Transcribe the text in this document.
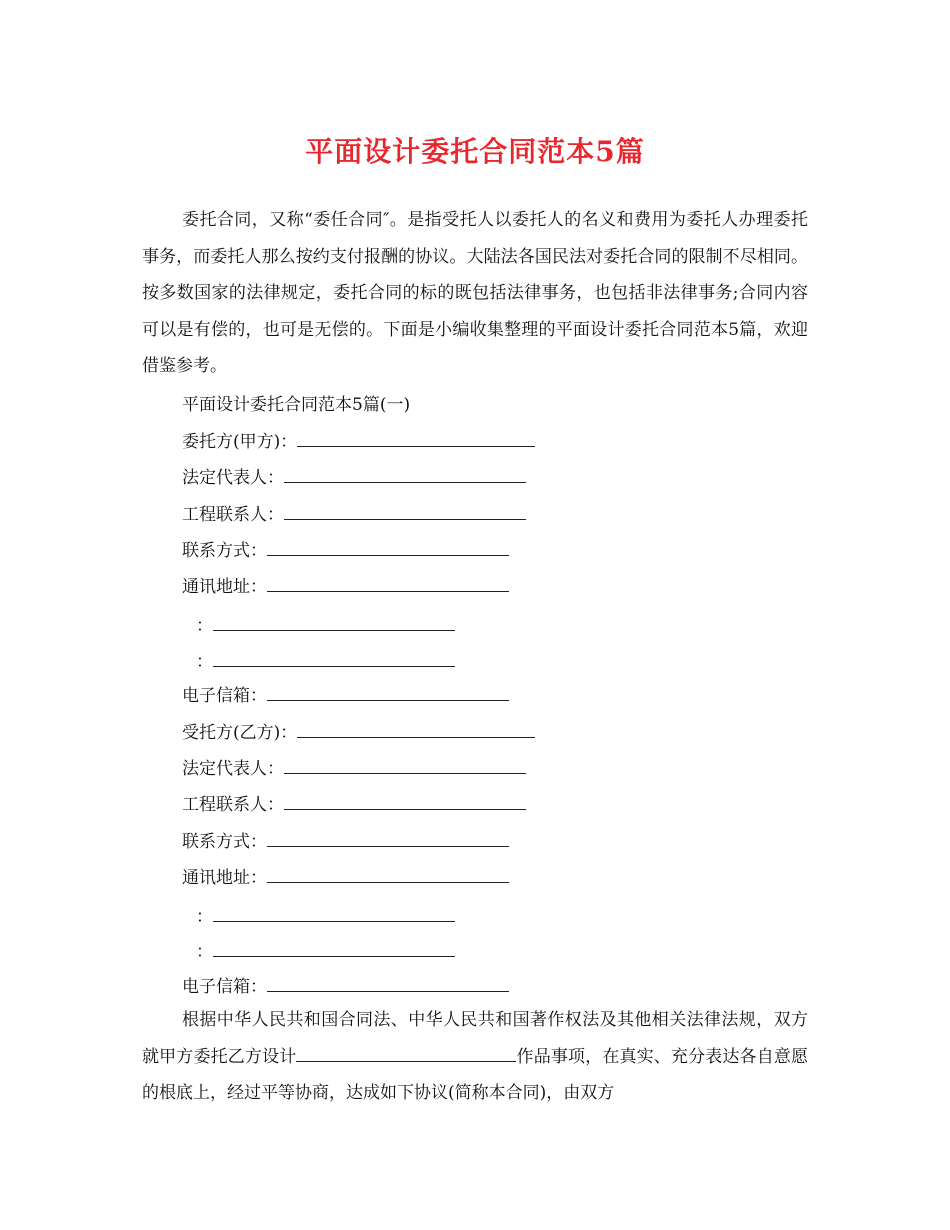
平面设计委托合同范本5篇
委托合同，又称“委任合同″。是指受托人以委托人的名义和费用为委托人办理委托事务，而委托人那么按约支付报酬的协议。大陆法各国民法对委托合同的限制不尽相同。按多数国家的法律规定，委托合同的标的既包括法律事务，也包括非法律事务;合同内容可以是有偿的，也可是无偿的。下面是小编收集整理的平面设计委托合同范本5篇，欢迎借鉴参考。
平面设计委托合同范本5篇(一)
委托方(甲方)：
法定代表人：
工程联系人：
联系方式：
通讯地址：
：
：
电子信箱：
受托方(乙方)：
法定代表人：
工程联系人：
联系方式：
通讯地址：
：
：
电子信箱：
根据中华人民共和国合同法、中华人民共和国著作权法及其他相关法律法规，双方就甲方委托乙方设计	作品事项，在真实、充分表达各自意愿的根底上，经过平等协商，达成如下协议(简称本合同)，由双方
